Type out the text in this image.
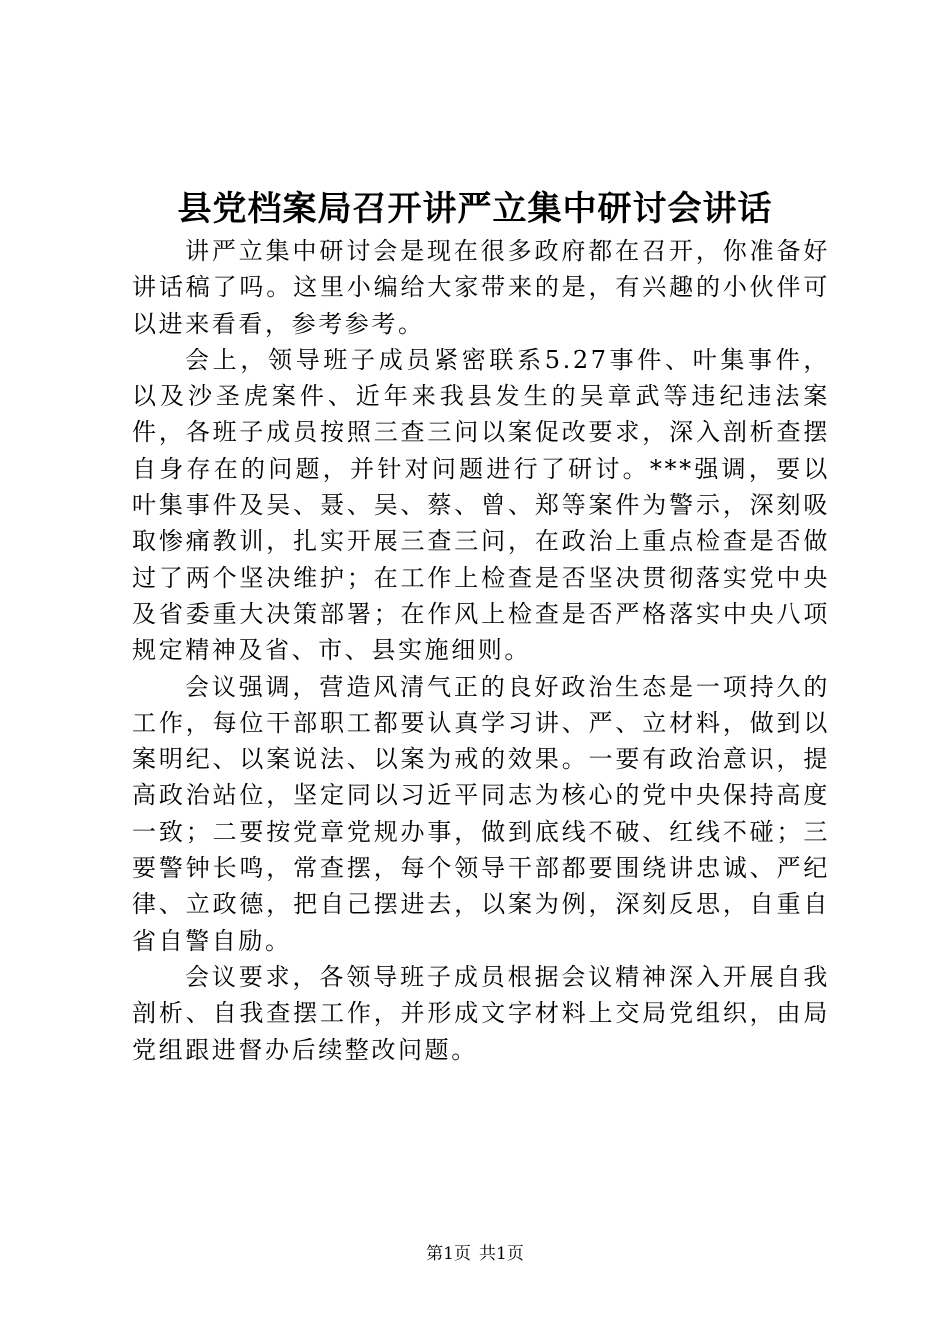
县党档案局召开讲严立集中研讨会讲话

讲严立集中研讨会是现在很多政府都在召开，你准备好讲话稿了吗。这里小编给大家带来的是，有兴趣的小伙伴可以进来看看，参考参考。

会上，领导班子成员紧密联系5.27事件、叶集事件，以及沙圣虎案件、近年来我县发生的吴章武等违纪违法案件，各班子成员按照三查三问以案促改要求，深入剖析查摆自身存在的问题，并针对问题进行了研讨。***强调，要以叶集事件及吴、聂、吴、蔡、曾、郑等案件为警示，深刻吸取惨痛教训，扎实开展三查三问，在政治上重点检查是否做过了两个坚决维护；在工作上检查是否坚决贯彻落实党中央及省委重大决策部署；在作风上检查是否严格落实中央八项规定精神及省、市、县实施细则。

会议强调，营造风清气正的良好政治生态是一项持久的工作，每位干部职工都要认真学习讲、严、立材料，做到以案明纪、以案说法、以案为戒的效果。一要有政治意识，提高政治站位，坚定同以习近平同志为核心的党中央保持高度一致；二要按党章党规办事，做到底线不破、红线不碰；三要警钟长鸣，常查摆，每个领导干部都要围绕讲忠诚、严纪律、立政德，把自己摆进去，以案为例，深刻反思，自重自省自警自励。

会议要求，各领导班子成员根据会议精神深入开展自我剖析、自我查摆工作，并形成文字材料上交局党组织，由局党组跟进督办后续整改问题。

第1页 共1页
